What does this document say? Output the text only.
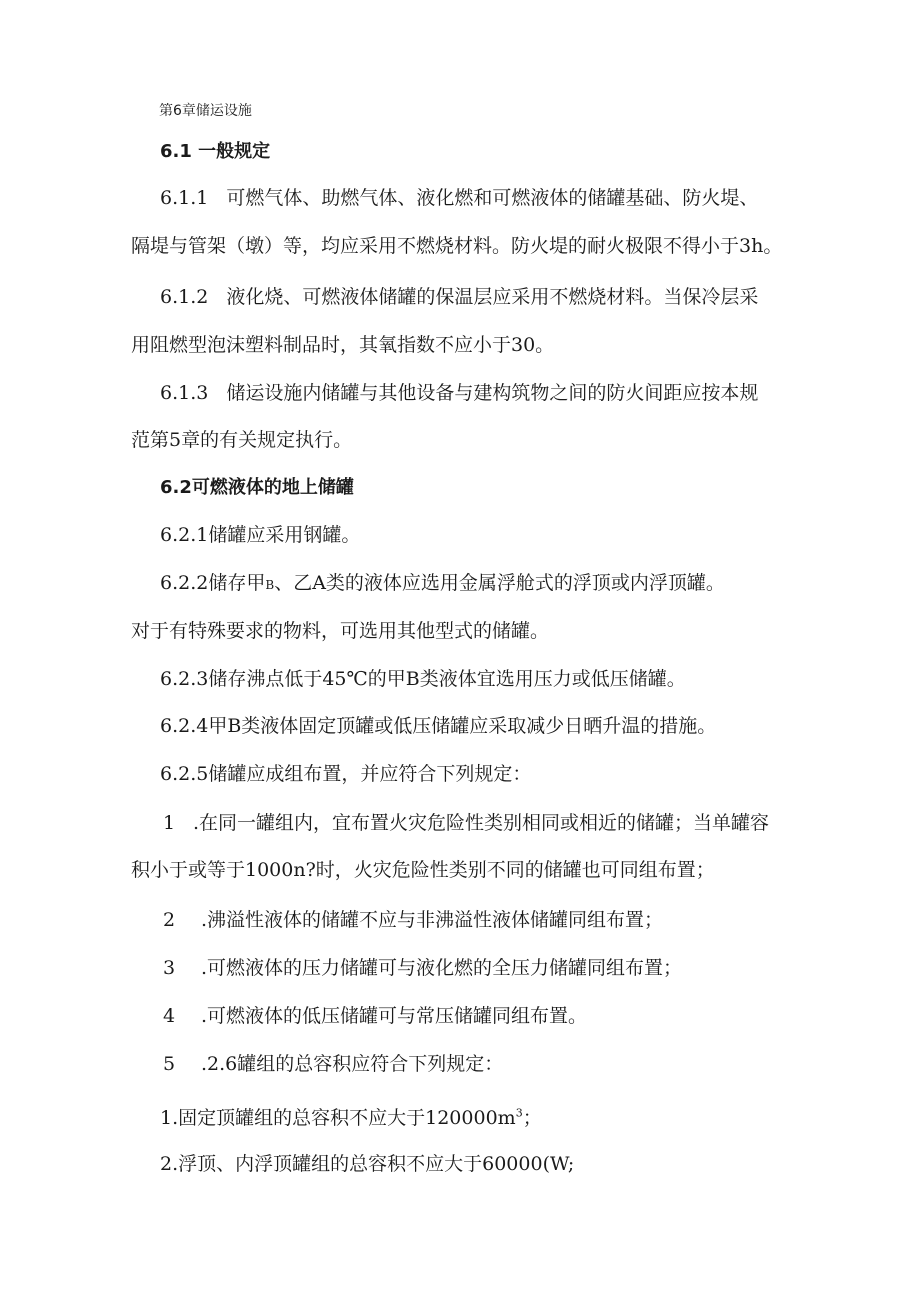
第6章储运设施
6.1 一般规定
6.1.1 可燃气体、助燃气体、液化燃和可燃液体的储罐基础、防火堤、
隔堤与管架（墩）等，均应采用不燃烧材料。防火堤的耐火极限不得小于3h。
6.1.2 液化烧、可燃液体储罐的保温层应采用不燃烧材料。当保冷层采
用阻燃型泡沫塑料制品时，其氧指数不应小于30。
6.1.3 储运设施内储罐与其他设备与建构筑物之间的防火间距应按本规
范第5章的有关规定执行。
6.2可燃液体的地上储罐
6.2.1储罐应采用钢罐。
6.2.2储存甲B、乙A类的液体应选用金属浮舱式的浮顶或内浮顶罐。
对于有特殊要求的物料，可选用其他型式的储罐。
6.2.3储存沸点低于45℃的甲B类液体宜选用压力或低压储罐。
6.2.4甲B类液体固定顶罐或低压储罐应采取减少日晒升温的措施。
6.2.5储罐应成组布置，并应符合下列规定：
1 .在同一罐组内，宜布置火灾危险性类别相同或相近的储罐；当单罐容
积小于或等于1000n?时，火灾危险性类别不同的储罐也可同组布置；
2 .沸溢性液体的储罐不应与非沸溢性液体储罐同组布置；
3 .可燃液体的压力储罐可与液化燃的全压力储罐同组布置；
4 .可燃液体的低压储罐可与常压储罐同组布置。
5 .2.6罐组的总容积应符合下列规定：
1.固定顶罐组的总容积不应大于$120000m^3$；
2.浮顶、内浮顶罐组的总容积不应大于60000(W;
